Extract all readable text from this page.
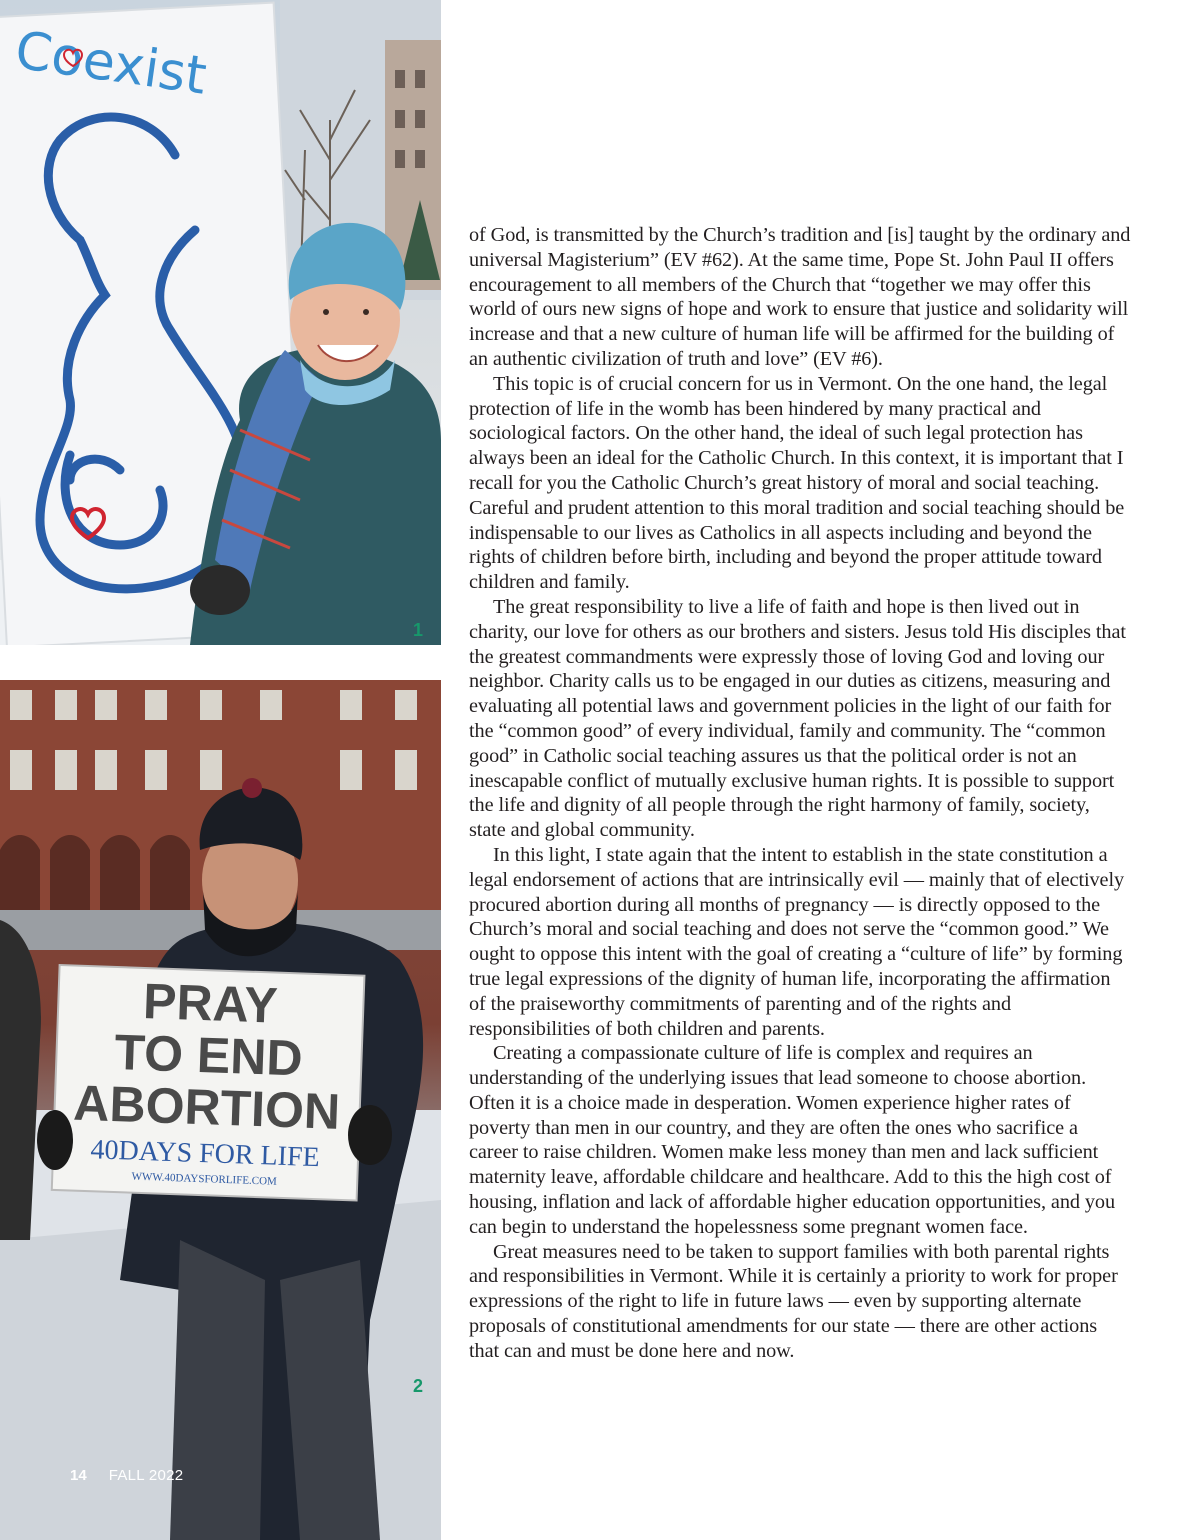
Coexist
1
PRAY
TO END
ABORTION
40DAYS FOR LIFE
WWW.40DAYSFORLIFE.COM
2

of God, is transmitted by the Church’s tradition and [is] taught by the ordinary and universal Magisterium” (EV #62). At the same time, Pope St. John Paul II offers encouragement to all members of the Church that “together we may offer this world of ours new signs of hope and work to ensure that justice and solidarity will increase and that a new culture of human life will be affirmed for the building of an authentic civilization of truth and love” (EV #6).

This topic is of crucial concern for us in Vermont. On the one hand, the legal protection of life in the womb has been hindered by many practical and sociological factors. On the other hand, the ideal of such legal protection has always been an ideal for the Catholic Church. In this context, it is important that I recall for you the Catholic Church’s great history of moral and social teaching. Careful and prudent attention to this moral tradition and social teaching should be indispensable to our lives as Catholics in all aspects including and beyond the rights of children before birth, including and beyond the proper attitude toward children and family.

The great responsibility to live a life of faith and hope is then lived out in charity, our love for others as our brothers and sisters. Jesus told His disciples that the greatest commandments were expressly those of loving God and loving our neighbor. Charity calls us to be engaged in our duties as citizens, measuring and evaluating all potential laws and government policies in the light of our faith for the “common good” of every individual, family and community. The “common good” in Catholic social teaching assures us that the political order is not an inescapable conflict of mutually exclusive human rights. It is possible to support the life and dignity of all people through the right harmony of family, society, state and global community.

In this light, I state again that the intent to establish in the state constitution a legal endorsement of actions that are intrinsically evil — mainly that of electively procured abortion during all months of pregnancy — is directly opposed to the Church’s moral and social teaching and does not serve the “common good.” We ought to oppose this intent with the goal of creating a “culture of life” by forming true legal expressions of the dignity of human life, incorporating the affirmation of the praiseworthy commitments of parenting and of the rights and responsibilities of both children and parents.

Creating a compassionate culture of life is complex and requires an understanding of the underlying issues that lead someone to choose abortion. Often it is a choice made in desperation. Women experience higher rates of poverty than men in our country, and they are often the ones who sacrifice a career to raise children. Women make less money than men and lack sufficient maternity leave, affordable childcare and healthcare. Add to this the high cost of housing, inflation and lack of affordable higher education opportunities, and you can begin to understand the hopelessness some pregnant women face.

Great measures need to be taken to support families with both parental rights and responsibilities in Vermont. While it is certainly a priority to work for proper expressions of the right to life in future laws — even by supporting alternate proposals of constitutional amendments for our state — there are other actions that can and must be done here and now.

14 FALL 2022
